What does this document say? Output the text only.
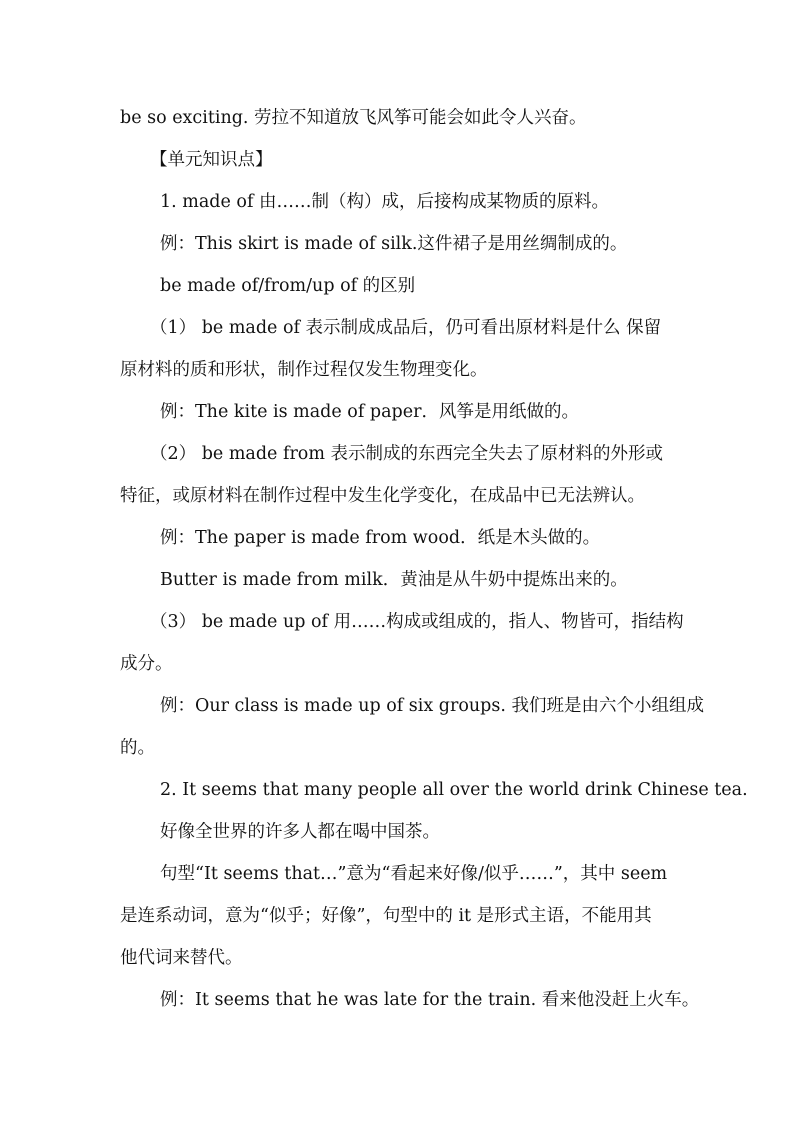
be so exciting. 劳拉不知道放飞风筝可能会如此令人兴奋。
【单元知识点】
1. made of 由……制（构）成，后接构成某物质的原料。
例：This skirt is made of silk.这件裙子是用丝绸制成的。
be made of/from/up of 的区别
（1） be made of 表示制成成品后，仍可看出原材料是什么 保留
原材料的质和形状，制作过程仅发生物理变化。
例：The kite is made of paper．风筝是用纸做的。
（2） be made from 表示制成的东西完全失去了原材料的外形或
特征，或原材料在制作过程中发生化学变化，在成品中已无法辨认。
例：The paper is made from wood．纸是木头做的。
Butter is made from milk．黄油是从牛奶中提炼出来的。
（3） be made up of 用……构成或组成的，指人、物皆可，指结构
成分。
例：Our class is made up of six groups. 我们班是由六个小组组成
的。
2. It seems that many people all over the world drink Chinese tea.
好像全世界的许多人都在喝中国茶。
句型“It seems that…”意为“看起来好像/似乎……”，其中 seem
是连系动词，意为“似乎；好像”，句型中的 it 是形式主语，不能用其
他代词来替代。
例：It seems that he was late for the train. 看来他没赶上火车。
